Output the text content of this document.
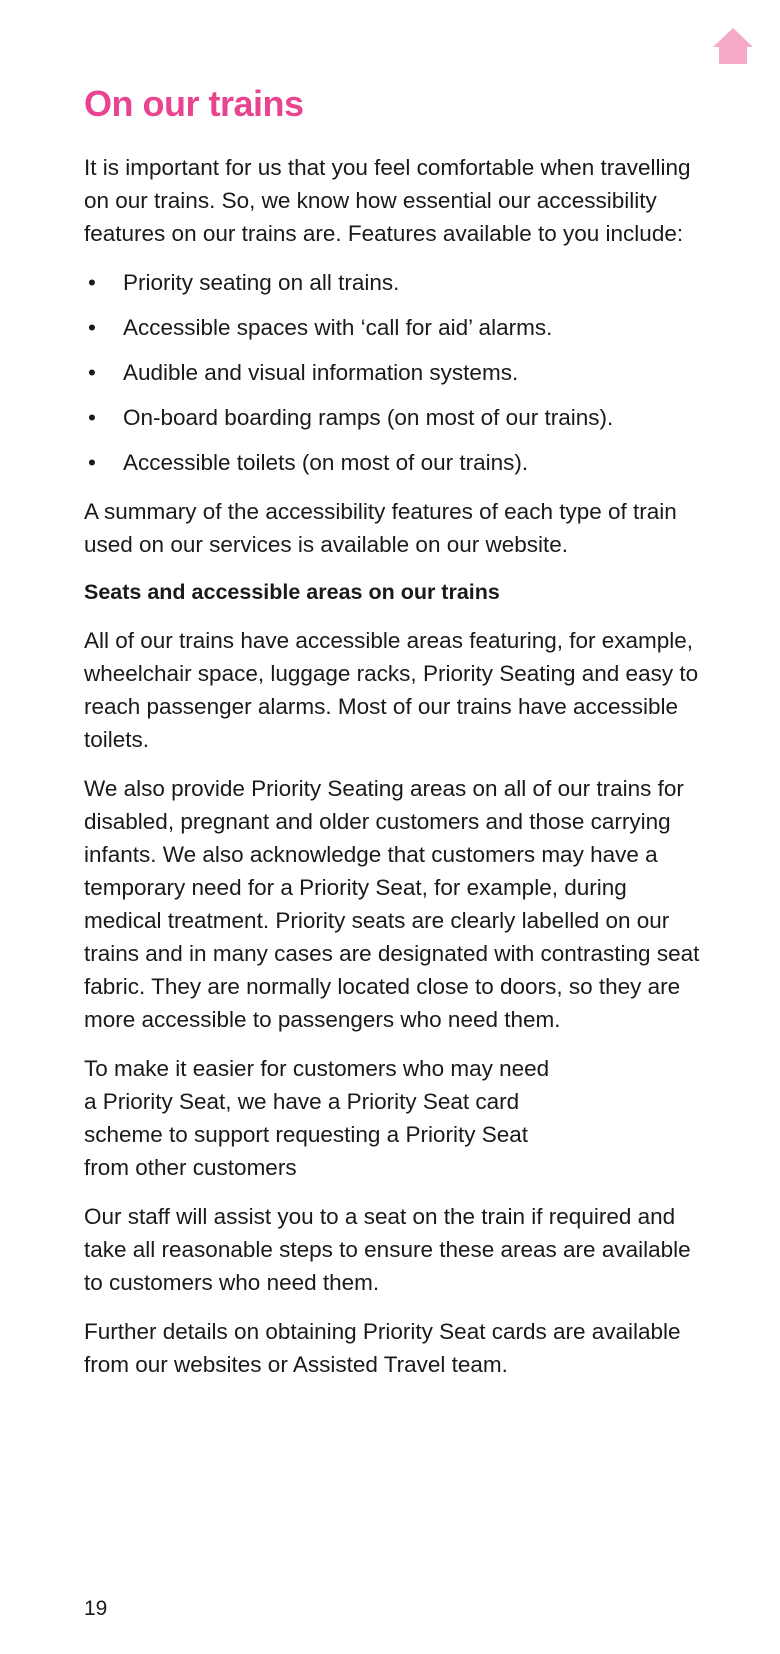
On our trains

It is important for us that you feel comfortable when travelling on our trains. So, we know how essential our accessibility features on our trains are. Features available to you include:

• Priority seating on all trains.
• Accessible spaces with ‘call for aid’ alarms.
• Audible and visual information systems.
• On-board boarding ramps (on most of our trains).
• Accessible toilets (on most of our trains).

A summary of the accessibility features of each type of train used on our services is available on our website.

Seats and accessible areas on our trains

All of our trains have accessible areas featuring, for example, wheelchair space, luggage racks, Priority Seating and easy to reach passenger alarms. Most of our trains have accessible toilets.

We also provide Priority Seating areas on all of our trains for disabled, pregnant and older customers and those carrying infants. We also acknowledge that customers may have a temporary need for a Priority Seat, for example, during medical treatment. Priority seats are clearly labelled on our trains and in many cases are designated with contrasting seat fabric. They are normally located close to doors, so they are more accessible to passengers who need them.

To make it easier for customers who may need a Priority Seat, we have a Priority Seat card scheme to support requesting a Priority Seat from other customers

Our staff will assist you to a seat on the train if required and take all reasonable steps to ensure these areas are available to customers who need them.

Further details on obtaining Priority Seat cards are available from our websites or Assisted Travel team.

19
